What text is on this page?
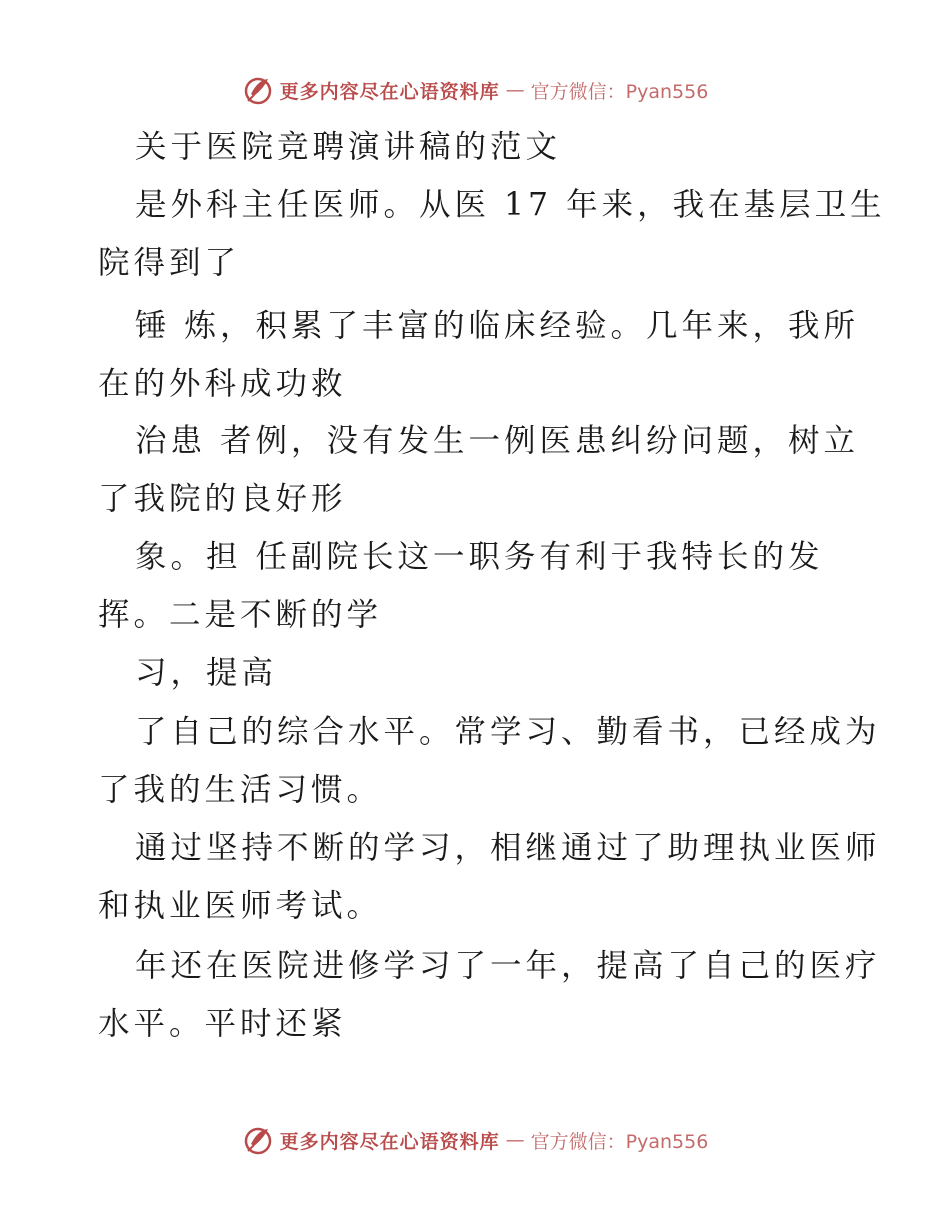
更多内容尽在心语资料库 — 官方微信：Pyan556
关于医院竞聘演讲稿的范文
是外科主任医师。从医 17 年来，我在基层卫生
院得到了
锤 炼，积累了丰富的临床经验。几年来，我所
在的外科成功救
治患 者例，没有发生一例医患纠纷问题，树立
了我院的良好形
象。担 任副院长这一职务有利于我特长的发
挥。二是不断的学
习，提高
了自己的综合水平。常学习、勤看书，已经成为
了我的生活习惯。
通过坚持不断的学习，相继通过了助理执业医师
和执业医师考试。
年还在医院进修学习了一年，提高了自己的医疗
水平。平时还紧
更多内容尽在心语资料库 — 官方微信：Pyan556
